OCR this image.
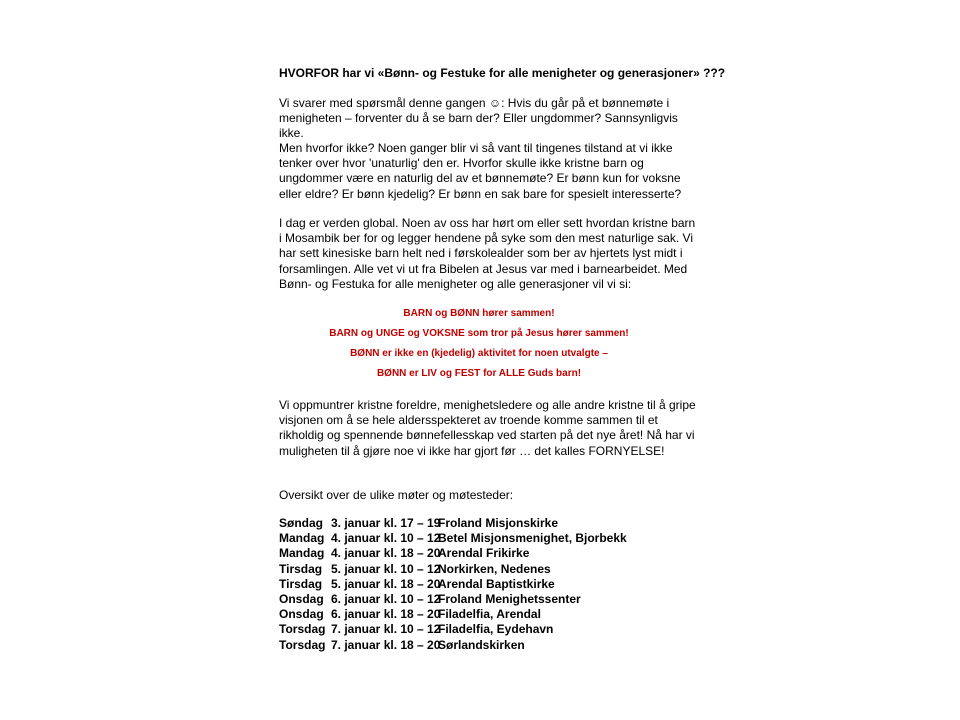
HVORFOR har vi «Bønn- og Festuke for alle menigheter og generasjoner» ???

Vi svarer med spørsmål denne gangen ☺: Hvis du går på et bønnemøte i menigheten – forventer du å se barn der? Eller ungdommer? Sannsynligvis ikke.

Men hvorfor ikke? Noen ganger blir vi så vant til tingenes tilstand at vi ikke tenker over hvor 'unaturlig' den er. Hvorfor skulle ikke kristne barn og ungdommer være en naturlig del av et bønnemøte? Er bønn kun for voksne eller eldre? Er bønn kjedelig? Er bønn en sak bare for spesielt interesserte?

I dag er verden global. Noen av oss har hørt om eller sett hvordan kristne barn i Mosambik ber for og legger hendene på syke som den mest naturlige sak. Vi har sett kinesiske barn helt ned i førskolealder som ber av hjertets lyst midt i forsamlingen. Alle vet vi ut fra Bibelen at Jesus var med i barnearbeidet. Med Bønn- og Festuka for alle menigheter og alle generasjoner vil vi si:

BARN og BØNN hører sammen!
BARN og UNGE og VOKSNE som tror på Jesus hører sammen!
BØNN er ikke en (kjedelig) aktivitet for noen utvalgte –
BØNN er LIV og FEST for ALLE Guds barn!

Vi oppmuntrer kristne foreldre, menighetsledere og alle andre kristne til å gripe visjonen om å se hele aldersspekteret av troende komme sammen til et rikholdig og spennende bønnefellesskap ved starten på det nye året! Nå har vi muligheten til å gjøre noe vi ikke har gjort før … det kalles FORNYELSE!

Oversikt over de ulike møter og møtesteder:

Søndag 3. januar kl. 17 – 19
Froland Misjonskirke
Mandag 4. januar kl. 10 – 12
Betel Misjonsmenighet, Bjorbekk
Mandag 4. januar kl. 18 – 20
Arendal Frikirke
Tirsdag 5. januar kl. 10 – 12
Norkirken, Nedenes
Tirsdag 5. januar kl. 18 – 20
Arendal Baptistkirke
Onsdag 6. januar kl. 10 – 12
Froland Menighetssenter
Onsdag 6. januar kl. 18 – 20
Filadelfia, Arendal
Torsdag 7. januar kl. 10 – 12
Filadelfia, Eydehavn
Torsdag 7. januar kl. 18 – 20
Sørlandskirken
